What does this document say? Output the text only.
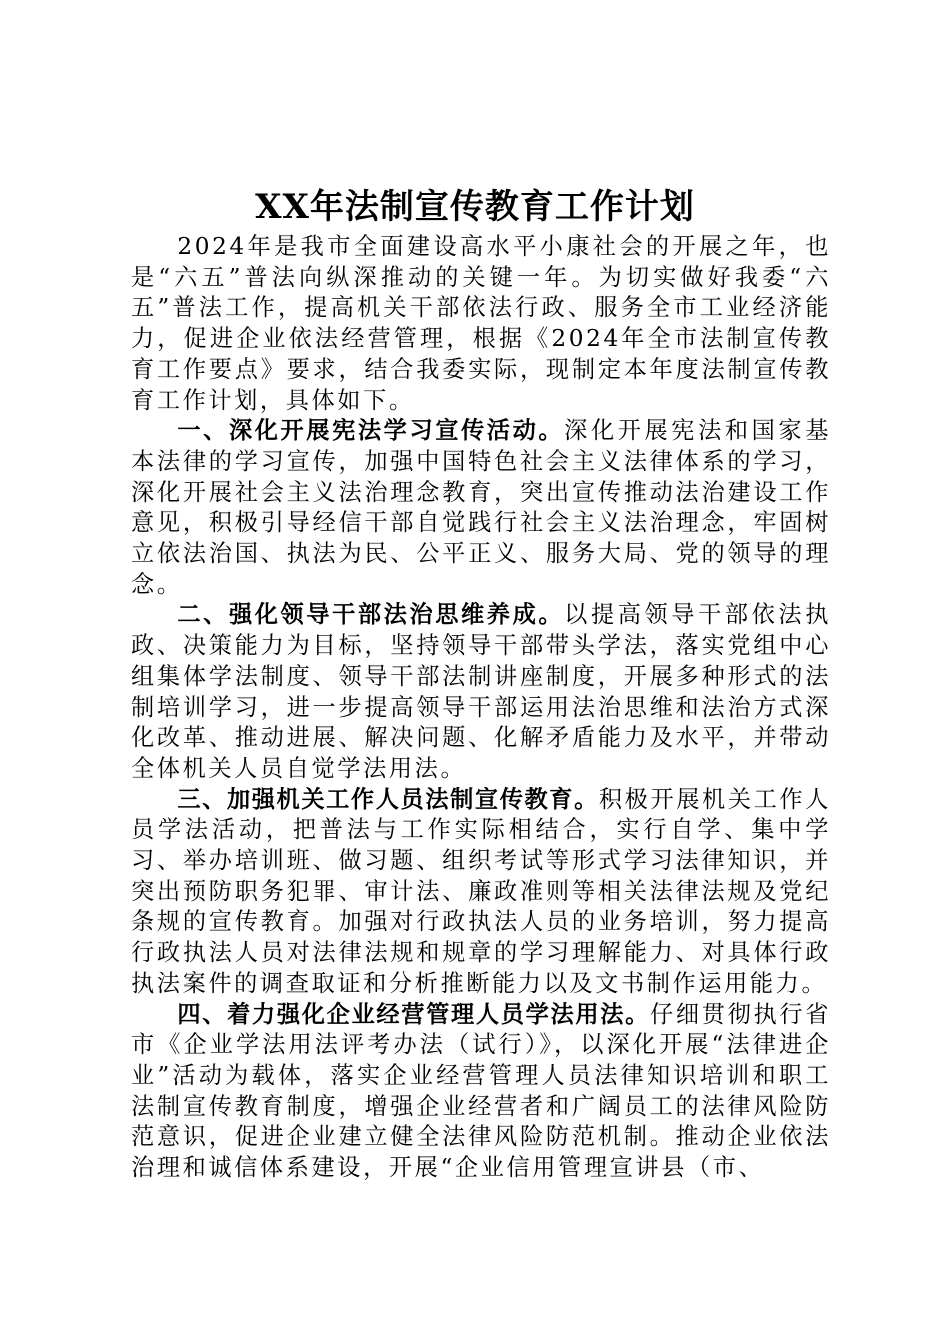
XX年法制宣传教育工作计划

2024年是我市全面建设高水平小康社会的开展之年，也是“六五”普法向纵深推动的关键一年。为切实做好我委“六五”普法工作，提高机关干部依法行政、服务全市工业经济能力，促进企业依法经营管理，根据《2024年全市法制宣传教育工作要点》要求，结合我委实际，现制定本年度法制宣传教育工作计划，具体如下。

一、深化开展宪法学习宣传活动。深化开展宪法和国家基本法律的学习宣传，加强中国特色社会主义法律体系的学习，深化开展社会主义法治理念教育，突出宣传推动法治建设工作意见，积极引导经信干部自觉践行社会主义法治理念，牢固树立依法治国、执法为民、公平正义、服务大局、党的领导的理念。

二、强化领导干部法治思维养成。以提高领导干部依法执政、决策能力为目标，坚持领导干部带头学法，落实党组中心组集体学法制度、领导干部法制讲座制度，开展多种形式的法制培训学习，进一步提高领导干部运用法治思维和法治方式深化改革、推动进展、解决问题、化解矛盾能力及水平，并带动全体机关人员自觉学法用法。

三、加强机关工作人员法制宣传教育。积极开展机关工作人员学法活动，把普法与工作实际相结合，实行自学、集中学习、举办培训班、做习题、组织考试等形式学习法律知识，并突出预防职务犯罪、审计法、廉政准则等相关法律法规及党纪条规的宣传教育。加强对行政执法人员的业务培训，努力提高行政执法人员对法律法规和规章的学习理解能力、对具体行政执法案件的调查取证和分析推断能力以及文书制作运用能力。

四、着力强化企业经营管理人员学法用法。仔细贯彻执行省市《企业学法用法评考办法（试行）》，以深化开展“法律进企业”活动为载体，落实企业经营管理人员法律知识培训和职工法制宣传教育制度，增强企业经营者和广阔员工的法律风险防范意识，促进企业建立健全法律风险防范机制。推动企业依法治理和诚信体系建设，开展“企业信用管理宣讲县（市、
